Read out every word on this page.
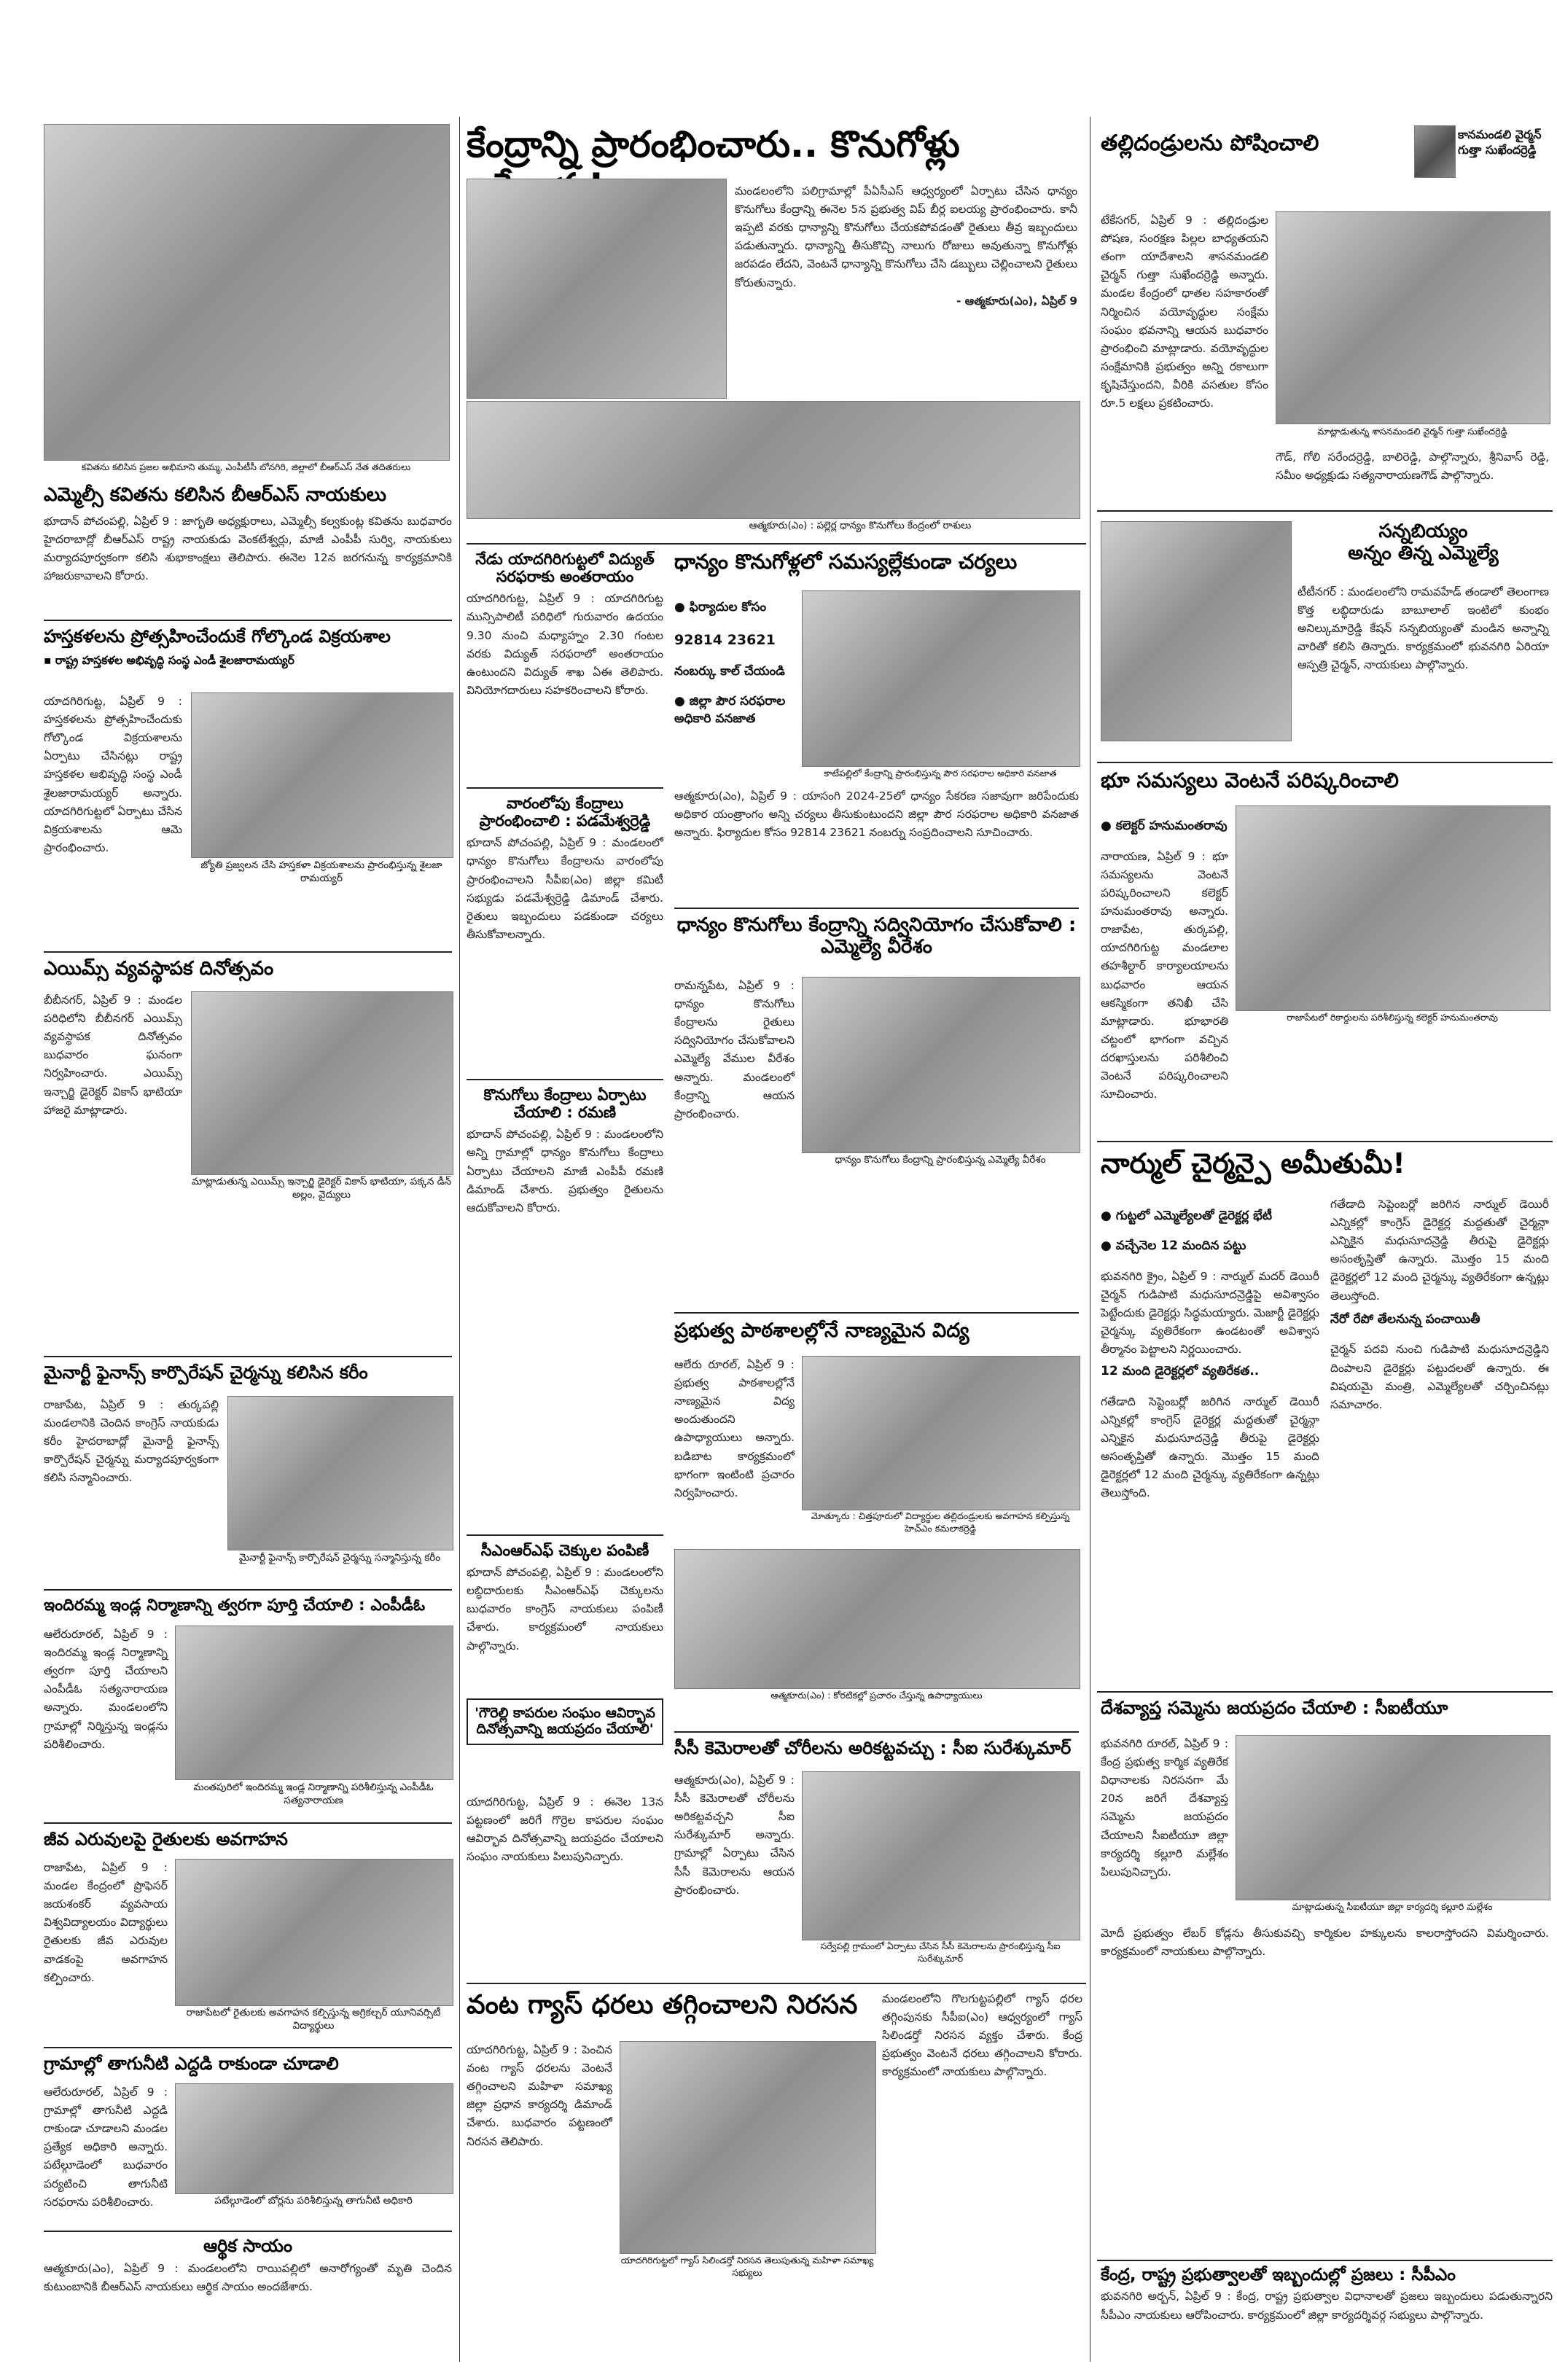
కేంద్రాన్ని ప్రారంభించారు.. కొనుగోళ్లు

మండలంలోని పలిగ్రామాల్లో పీఏసీఎస్ ఆధ్వర్యంలో ఏర్పాటు చేసిన ధాన్యం కొనుగోలు కేంద్రాన్ని ఈనెల 5న ప్రభుత్వ విప్ బీర్ల ఐలయ్య ప్రారంభించారు. కానీ ఇప్పటి వరకు ధాన్యాన్ని కొనుగోలు చేయకపోవడంతో రైతులు తీవ్ర ఇబ్బందులు పడుతున్నారు. ధాన్యాన్ని తీసుకొచ్చి నాలుగు రోజులు అవుతున్నా కొనుగోళ్లు జరపడం లేదని, వెంటనే ధాన్యాన్ని కొనుగోలు చేసి డబ్బులు చెల్లించాలని రైతులు కోరుతున్నారు.

- ఆత్మకూరు(ఎం), ఏప్రిల్ 9

ఆత్మకూరు(ఎం) : పల్లెర్ల ధాన్యం కొనుగోలు కేంద్రంలో రాశులు
కవితను కలిసిన ప్రజల అభిమాని తుమ్మ, ఎంపీటీసీ బోనగిరి, జిల్లాలో బీఆర్ఎస్ నేత తదితరులు
ఎమ్మెల్సీ కవితను కలిసిన బీఆర్ఎస్ నాయకులు

భూదాన్ పోచంపల్లి, ఏప్రిల్ 9 : జాగృతి అధ్యక్షురాలు, ఎమ్మెల్సీ కల్వకుంట్ల కవితను బుధవారం హైదరాబాద్లో బీఆర్ఎస్ రాష్ట్ర నాయకుడు వెంకటేశ్వర్లు, మాజీ ఎంపీపీ సుర్వి, నాయకులు మర్యాదపూర్వకంగా కలిసి శుభాకాంక్షలు తెలిపారు. ఈనెల 12న జరగనున్న కార్యక్రమానికి హాజరుకావాలని కోరారు.

హస్తకళలను ప్రోత్సహించేందుకే గోల్కొండ విక్రయశాల

▪ రాష్ట్ర హస్తకళల అభివృద్ధి సంస్థ ఎండీ శైలజారామయ్యర్

యాదగిరిగుట్ట, ఏప్రిల్ 9 : హస్తకళలను ప్రోత్సహించేందుకు గోల్కొండ విక్రయశాలను ఏర్పాటు చేసినట్లు రాష్ట్ర హస్తకళల అభివృద్ధి సంస్థ ఎండీ శైలజారామయ్యర్ అన్నారు. యాదగిరిగుట్టలో ఏర్పాటు చేసిన విక్రయశాలను ఆమె ప్రారంభించారు.

జ్యోతి ప్రజ్వలన చేసి హస్తకళా విక్రయశాలను ప్రారంభిస్తున్న శైలజా రామయ్యర్
ఎయిమ్స్ వ్యవస్థాపక దినోత్సవం

బీబీనగర్, ఏప్రిల్ 9 : మండల పరిధిలోని బీబీనగర్ ఎయిమ్స్ వ్యవస్థాపక దినోత్సవం బుధవారం ఘనంగా నిర్వహించారు. ఎయిమ్స్ ఇన్చార్జి డైరెక్టర్ వికాస్ భాటియా హాజరై మాట్లాడారు.

మాట్లాడుతున్న ఎయిమ్స్ ఇన్చార్జి డైరెక్టర్ వికాస్ భాటియా, పక్కన డీన్ అల్లం, వైద్యులు
మైనార్టీ ఫైనాన్స్ కార్పొరేషన్ చైర్మన్ను కలిసిన కరీం

రాజాపేట, ఏప్రిల్ 9 : తుర్కపల్లి మండలానికి చెందిన కాంగ్రెస్ నాయకుడు కరీం హైదరాబాద్లో మైనార్టీ ఫైనాన్స్ కార్పొరేషన్ చైర్మన్ను మర్యాదపూర్వకంగా కలిసి సన్మానించారు.

మైనార్టీ ఫైనాన్స్ కార్పొరేషన్ చైర్మన్ను సన్మానిస్తున్న కరీం
ఇందిరమ్మ ఇండ్ల నిర్మాణాన్ని త్వరగా పూర్తి చేయాలి : ఎంపీడీఓ

ఆలేరురూరల్, ఏప్రిల్ 9 : ఇందిరమ్మ ఇండ్ల నిర్మాణాన్ని త్వరగా పూర్తి చేయాలని ఎంపీడీఓ సత్యనారాయణ అన్నారు. మండలంలోని గ్రామాల్లో నిర్మిస్తున్న ఇండ్లను పరిశీలించారు.

మంతపురిలో ఇందిరమ్మ ఇండ్ల నిర్మాణాన్ని పరిశీలిస్తున్న ఎంపీడీఓ సత్యనారాయణ
జీవ ఎరువులపై రైతులకు అవగాహన

రాజాపేట, ఏప్రిల్ 9 : మండల కేంద్రంలో ప్రొఫెసర్ జయశంకర్ వ్యవసాయ విశ్వవిద్యాలయం విద్యార్థులు రైతులకు జీవ ఎరువుల వాడకంపై అవగాహన కల్పించారు.

రాజాపేటలో రైతులకు అవగాహన కల్పిస్తున్న అగ్రికల్చర్ యూనివర్సిటీ విద్యార్థులు
గ్రామాల్లో తాగునీటి ఎద్దడి రాకుండా చూడాలి

ఆలేరురూరల్, ఏప్రిల్ 9 : గ్రామాల్లో తాగునీటి ఎద్దడి రాకుండా చూడాలని మండల ప్రత్యేక అధికారి అన్నారు. పటేల్గూడెంలో బుధవారం పర్యటించి తాగునీటి సరఫరాను పరిశీలించారు.	పటేల్గూడెంలో బోర్లను పరిశీలిస్తున్న తాగునీటి అధికారి
ఆర్థిక సాయం

ఆత్మకూరు(ఎం), ఏప్రిల్ 9 : మండలంలోని రాయిపల్లిలో అనారోగ్యంతో మృతి చెందిన కుటుంబానికి బీఆర్ఎస్ నాయకులు ఆర్థిక సాయం అందజేశారు.

నేడు యాదగిరిగుట్టలో విద్యుత్ సరఫరాకు అంతరాయం

యాదగిరిగుట్ట, ఏప్రిల్ 9 : యాదగిరిగుట్ట మున్సిపాలిటీ పరిధిలో గురువారం ఉదయం 9.30 నుంచి మధ్యాహ్నం 2.30 గంటల వరకు విద్యుత్ సరఫరాలో అంతరాయం ఉంటుందని విద్యుత్ శాఖ ఏఈ తెలిపారు. వినియోగదారులు సహకరించాలని కోరారు.

వారంలోపు కేంద్రాలు ప్రారంభించాలి : పడమేశ్వర్రెడ్డి

భూదాన్ పోచంపల్లి, ఏప్రిల్ 9 : మండలంలో ధాన్యం కొనుగోలు కేంద్రాలను వారంలోపు ప్రారంభించాలని సీపీఐ(ఎం) జిల్లా కమిటీ సభ్యుడు పడమేశ్వర్రెడ్డి డిమాండ్ చేశారు. రైతులు ఇబ్బందులు పడకుండా చర్యలు తీసుకోవాలన్నారు.

కొనుగోలు కేంద్రాలు ఏర్పాటు చేయాలి : రమణి

భూదాన్ పోచంపల్లి, ఏప్రిల్ 9 : మండలంలోని అన్ని గ్రామాల్లో ధాన్యం కొనుగోలు కేంద్రాలు ఏర్పాటు చేయాలని మాజీ ఎంపీపీ రమణి డిమాండ్ చేశారు. ప్రభుత్వం రైతులను ఆదుకోవాలని కోరారు.

సీఎంఆర్ఎఫ్ చెక్కుల పంపిణీ

భూదాన్ పోచంపల్లి, ఏప్రిల్ 9 : మండలంలోని లబ్ధిదారులకు సీఎంఆర్ఎఫ్ చెక్కులను బుధవారం కాంగ్రెస్ నాయకులు పంపిణీ చేశారు. కార్యక్రమంలో నాయకులు పాల్గొన్నారు.

'గౌరెల్లి కాపరుల సంఘం ఆవిర్భావ దినోత్సవాన్ని జయప్రదం చేయాలి'

యాదగిరిగుట్ట, ఏప్రిల్ 9 : ఈనెల 13న పట్టణంలో జరిగే గొర్రెల కాపరుల సంఘం ఆవిర్భావ దినోత్సవాన్ని జయప్రదం చేయాలని సంఘం నాయకులు పిలుపునిచ్చారు.

ధాన్యం కొనుగోళ్లలో సమస్యల్లేకుండా చర్యలు

● ఫిర్యాదుల కోసం

92814 23621

నంబర్కు కాల్ చేయండి

● జిల్లా పౌర సరఫరాల అధికారి వనజాత

కాటేపల్లిలో కేంద్రాన్ని ప్రారంభిస్తున్న పౌర సరఫరాల అధికారి వనజాత

ఆత్మకూరు(ఎం), ఏప్రిల్ 9 : యాసంగి 2024-25లో ధాన్యం సేకరణ సజావుగా జరిపేందుకు అధికార యంత్రాంగం అన్ని చర్యలు తీసుకుంటుందని జిల్లా పౌర సరఫరాల అధికారి వనజాత అన్నారు. ఫిర్యాదుల కోసం 92814 23621 నంబర్ను సంప్రదించాలని సూచించారు.

ధాన్యం కొనుగోలు కేంద్రాన్ని సద్వినియోగం చేసుకోవాలి : ఎమ్మెల్యే వీరేశం

రామన్నపేట, ఏప్రిల్ 9 : ధాన్యం కొనుగోలు కేంద్రాలను రైతులు సద్వినియోగం చేసుకోవాలని ఎమ్మెల్యే వేముల వీరేశం అన్నారు. మండలంలో కేంద్రాన్ని ఆయన ప్రారంభించారు.

ధాన్యం కొనుగోలు కేంద్రాన్ని ప్రారంభిస్తున్న ఎమ్మెల్యే వీరేశం
ప్రభుత్వ పాఠశాలల్లోనే నాణ్యమైన విద్య

ఆలేరు రూరల్, ఏప్రిల్ 9 : ప్రభుత్వ పాఠశాలల్లోనే నాణ్యమైన విద్య అందుతుందని ఉపాధ్యాయులు అన్నారు. బడిబాట కార్యక్రమంలో భాగంగా ఇంటింటి ప్రచారం నిర్వహించారు.

మోత్కూరు : చిత్తపూరులో విద్యార్థుల తల్లిదండ్రులకు అవగాహన కల్పిస్తున్న హెచ్ఎం కమలాకర్రెడ్డి
ఆత్మకూరు(ఎం) : కోరటికల్లో ప్రచారం చేస్తున్న ఉపాధ్యాయులు
సీసీ కెమెరాలతో చోరీలను అరికట్టవచ్చు : సీఐ సురేశ్కుమార్

ఆత్మకూరు(ఎం), ఏప్రిల్ 9 : సీసీ కెమెరాలతో చోరీలను అరికట్టవచ్చని సీఐ సురేశ్కుమార్ అన్నారు. గ్రామాల్లో ఏర్పాటు చేసిన సీసీ కెమెరాలను ఆయన ప్రారంభించారు.

సర్వేపల్లి గ్రామంలో ఏర్పాటు చేసిన సీసీ కెమెరాలను ప్రారంభిస్తున్న సీఐ సురేశ్కుమార్
వంట గ్యాస్ ధరలు తగ్గించాలని నిరసన

యాదగిరిగుట్ట, ఏప్రిల్ 9 : పెంచిన వంట గ్యాస్ ధరలను వెంటనే తగ్గించాలని మహిళా సమాఖ్య జిల్లా ప్రధాన కార్యదర్శి డిమాండ్ చేశారు. బుధవారం పట్టణంలో నిరసన తెలిపారు.

యాదగిరిగుట్టలో గ్యాస్ సిలిండర్తో నిరసన తెలుపుతున్న మహిళా సమాఖ్య సభ్యులు

మండలంలోని గొలగుట్టపల్లిలో గ్యాస్ ధరల తగ్గింపునకు సీపీఐ(ఎం) ఆధ్వర్యంలో గ్యాస్ సిలిండర్తో నిరసన వ్యక్తం చేశారు. కేంద్ర ప్రభుత్వం వెంటనే ధరలు తగ్గించాలని కోరారు. కార్యక్రమంలో నాయకులు పాల్గొన్నారు.

తల్లిదండ్రులను పోషించాలి	కానమండలి వైర్మన్ గుత్తా సుఖేందర్రెడ్డి

టేకేసగర్, ఏప్రిల్ 9 : తల్లిదండ్రుల పోషణ, సంరక్షణ పిల్లల బాధ్యతయని తంగా యాదేశాలని శాసనమండలి చైర్మన్ గుత్తా సుఖేందర్రెడ్డి అన్నారు. మండల కేంద్రంలో ధాతల సహకారంతో నిర్మించిన వయోవృద్ధుల సంక్షేమ సంఘం భవనాన్ని ఆయన బుధవారం ప్రారంభించి మాట్లాడారు. వయోవృద్ధుల సంక్షేమానికి ప్రభుత్వం అన్ని రకాలుగా కృషిచేస్తుందని, వీరికి వసతుల కోసం రూ.5 లక్షలు ప్రకటించారు.

మాట్లాడుతున్న శాసనమండలి వైర్మన్ గుత్తా సుఖేందర్రెడ్డి

గౌడ్, గోలి సరేందర్రెడ్డి, బాలిరెడ్డి, పాల్గొన్నారు, శ్రీనివాస్ రెడ్డి, సమీం అధ్యక్షుడు సత్యనారాయణగౌడ్ పాల్గొన్నారు.

సన్నబియ్యం
అన్నం తిన్న ఎమ్మెల్యే

టీటీనగర్ : మండలంలోని రామవహేడ్ తండాలో తెలంగాణ కొత్త లబ్ధిదారుడు బాబూలాల్ ఇంటిలో కుంభం అనిల్కుమార్రెడ్డి కేషన్ సన్నబియ్యంతో మండిన అన్నాన్ని వారితో కలిసి తిన్నారు. కార్యక్రమంలో భువనగిరి ఏరియా ఆస్పత్రి చైర్మన్, నాయకులు పాల్గొన్నారు.

భూ సమస్యలు వెంటనే పరిష్కరించాలి

● కలెక్టర్ హనుమంతరావు

నారాయణ, ఏప్రిల్ 9 : భూ సమస్యలను వెంటనే పరిష్కరించాలని కలెక్టర్ హనుమంతరావు అన్నారు. రాజాపేట, తుర్కపల్లి, యాదగిరిగుట్ట మండలాల తహశీల్దార్ కార్యాలయాలను బుధవారం ఆయన ఆకస్మికంగా తనిఖీ చేసి మాట్లాడారు. భూభారతి చట్టంలో భాగంగా వచ్చిన దరఖాస్తులను పరిశీలించి వెంటనే పరిష్కరించాలని సూచించారు.

రాజాపేటలో రికార్డులను పరిశీలిస్తున్న కలెక్టర్ హనుమంతరావు
నార్ముల్ చైర్మన్పై అమీతుమీ!

● గుట్టలో ఎమ్మెల్యేలతో డైరెక్టర్ల భేటీ

● వచ్చేనెల 12 మందిన పట్టు

భువనగిరి క్రైం, ఏప్రిల్ 9 : నార్ముల్ మదర్ డెయిరీ చైర్మన్ గుడిపాటి మధుసూదన్రెడ్డిపై అవిశ్వాసం పెట్టేందుకు డైరెక్టర్లు సిద్ధమయ్యారు. మెజార్టీ డైరెక్టర్లు చైర్మన్కు వ్యతిరేకంగా ఉండటంతో అవిశ్వాస తీర్మానం పెట్టాలని నిర్ణయించారు.

12 మంది డైరెక్టర్లలో వ్యతిరేకత..

గతేడాది సెప్టెంబర్లో జరిగిన నార్ముల్ డెయిరీ ఎన్నికల్లో కాంగ్రెస్ డైరెక్టర్ల మద్దతుతో చైర్మన్గా ఎన్నికైన మధుసూదన్రెడ్డి తీరుపై డైరెక్టర్లు అసంతృప్తితో ఉన్నారు. మొత్తం 15 మంది డైరెక్టర్లలో 12 మంది చైర్మన్కు వ్యతిరేకంగా ఉన్నట్లు తెలుస్తోంది.

గతేడాది సెప్టెంబర్లో జరిగిన నార్ముల్ డెయిరీ ఎన్నికల్లో కాంగ్రెస్ డైరెక్టర్ల మద్దతుతో చైర్మన్గా ఎన్నికైన మధుసూదన్రెడ్డి తీరుపై డైరెక్టర్లు అసంతృప్తితో ఉన్నారు. మొత్తం 15 మంది డైరెక్టర్లలో 12 మంది చైర్మన్కు వ్యతిరేకంగా ఉన్నట్లు తెలుస్తోంది.

నేరో రేపో తేలనున్న పంచాయితీ

చైర్మన్ పదవి నుంచి గుడిపాటి మధుసూదన్రెడ్డిని దింపాలని డైరెక్టర్లు పట్టుదలతో ఉన్నారు. ఈ విషయమై మంత్రి, ఎమ్మెల్యేలతో చర్చించినట్లు సమాచారం.

దేశవ్యాప్త సమ్మెను జయప్రదం చేయాలి : సీఐటీయూ

భువనగిరి రూరల్, ఏప్రిల్ 9 : కేంద్ర ప్రభుత్వ కార్మిక వ్యతిరేక విధానాలకు నిరసనగా మే 20న జరిగే దేశవ్యాప్త సమ్మెను జయప్రదం చేయాలని సీఐటీయూ జిల్లా కార్యదర్శి కల్లూరి మల్లేశం పిలుపునిచ్చారు.

మాట్లాడుతున్న సీఐటీయూ జిల్లా కార్యదర్శి కల్లూరి మల్లేశం

మోదీ ప్రభుత్వం లేబర్ కోడ్లను తీసుకువచ్చి కార్మికుల హక్కులను కాలరాస్తోందని విమర్శించారు. కార్యక్రమంలో నాయకులు పాల్గొన్నారు.

కేంద్ర, రాష్ట్ర ప్రభుత్వాలతో ఇబ్బందుల్లో ప్రజలు : సీపీఎం

భువనగిరి అర్బన్, ఏప్రిల్ 9 : కేంద్ర, రాష్ట్ర ప్రభుత్వాల విధానాలతో ప్రజలు ఇబ్బందులు పడుతున్నారని సీపీఎం నాయకులు ఆరోపించారు. కార్యక్రమంలో జిల్లా కార్యదర్శివర్గ సభ్యులు పాల్గొన్నారు.
